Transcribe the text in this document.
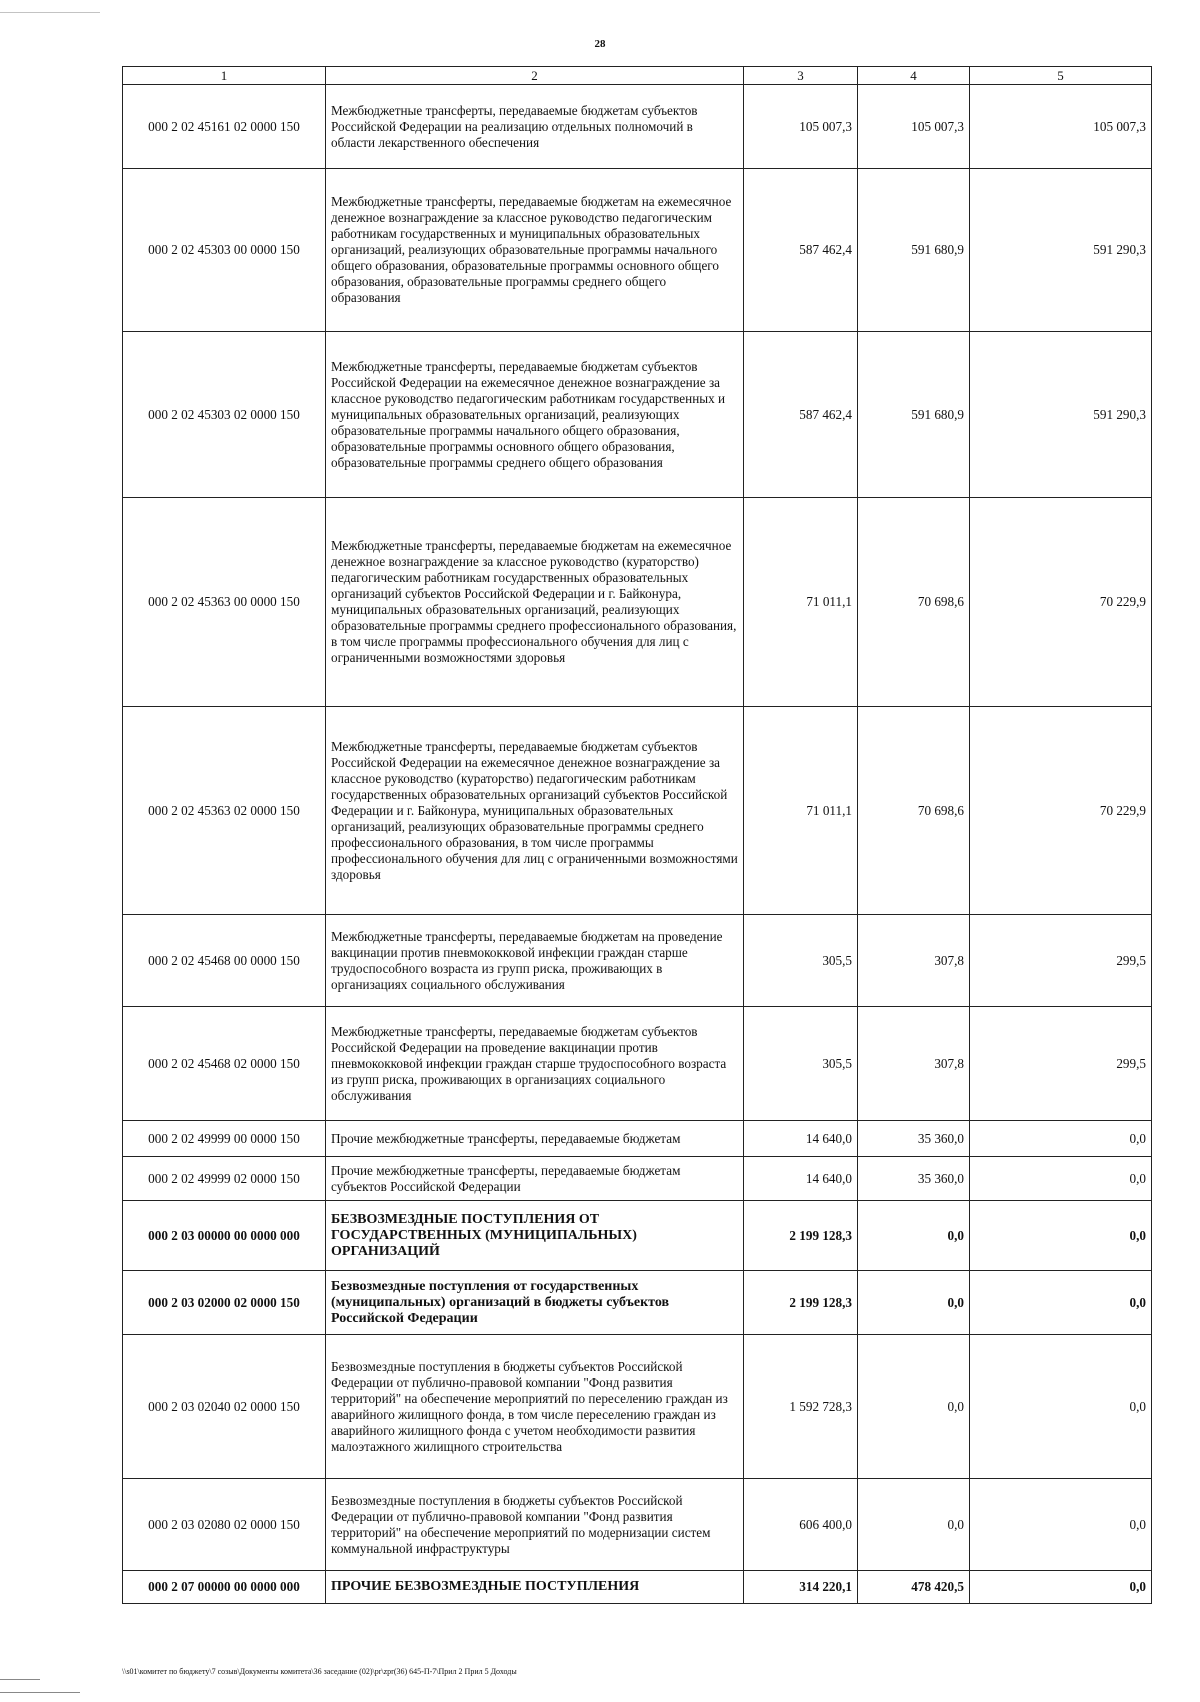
28
1	2	3	4	5
000 2 02 45161 02 0000 150	Межбюджетные трансферты, передаваемые бюджетам субъектов Российской Федерации на реализацию отдельных полномочий в области лекарственного обеспечения	105 007,3	105 007,3	105 007,3
000 2 02 45303 00 0000 150	Межбюджетные трансферты, передаваемые бюджетам на ежемесячное денежное вознаграждение за классное руководство педагогическим работникам государственных и муниципальных образовательных организаций, реализующих образовательные программы начального общего образования, образовательные программы основного общего образования, образовательные программы среднего общего образования	587 462,4	591 680,9	591 290,3
000 2 02 45303 02 0000 150	Межбюджетные трансферты, передаваемые бюджетам субъектов Российской Федерации на ежемесячное денежное вознаграждение за классное руководство педагогическим работникам государственных и муниципальных образовательных организаций, реализующих образовательные программы начального общего образования, образовательные программы основного общего образования, образовательные программы среднего общего образования	587 462,4	591 680,9	591 290,3
000 2 02 45363 00 0000 150	Межбюджетные трансферты, передаваемые бюджетам на ежемесячное денежное вознаграждение за классное руководство (кураторство) педагогическим работникам государственных образовательных организаций субъектов Российской Федерации и г. Байконура, муниципальных образовательных организаций, реализующих образовательные программы среднего профессионального образования, в том числе программы профессионального обучения для лиц с ограниченными возможностями здоровья	71 011,1	70 698,6	70 229,9
000 2 02 45363 02 0000 150	Межбюджетные трансферты, передаваемые бюджетам субъектов Российской Федерации на ежемесячное денежное вознаграждение за классное руководство (кураторство) педагогическим работникам государственных образовательных организаций субъектов Российской Федерации и г. Байконура, муниципальных образовательных организаций, реализующих образовательные программы среднего профессионального образования, в том числе программы профессионального обучения для лиц с ограниченными возможностями здоровья	71 011,1	70 698,6	70 229,9
000 2 02 45468 00 0000 150	Межбюджетные трансферты, передаваемые бюджетам на проведение вакцинации против пневмококковой инфекции граждан старше трудоспособного возраста из групп риска, проживающих в организациях социального обслуживания	305,5	307,8	299,5
000 2 02 45468 02 0000 150	Межбюджетные трансферты, передаваемые бюджетам субъектов Российской Федерации на проведение вакцинации против пневмококковой инфекции граждан старше трудоспособного возраста из групп риска, проживающих в организациях социального обслуживания	305,5	307,8	299,5
000 2 02 49999 00 0000 150	Прочие межбюджетные трансферты, передаваемые бюджетам	14 640,0	35 360,0	0,0
000 2 02 49999 02 0000 150	Прочие межбюджетные трансферты, передаваемые бюджетам субъектов Российской Федерации	14 640,0	35 360,0	0,0
000 2 03 00000 00 0000 000	БЕЗВОЗМЕЗДНЫЕ ПОСТУПЛЕНИЯ ОТ ГОСУДАРСТВЕННЫХ (МУНИЦИПАЛЬНЫХ) ОРГАНИЗАЦИЙ	2 199 128,3	0,0	0,0
000 2 03 02000 02 0000 150	Безвозмездные поступления от государственных (муниципальных) организаций в бюджеты субъектов Российской Федерации	2 199 128,3	0,0	0,0
000 2 03 02040 02 0000 150	Безвозмездные поступления в бюджеты субъектов Российской Федерации от публично-правовой компании "Фонд развития территорий" на обеспечение мероприятий по переселению граждан из аварийного жилищного фонда, в том числе переселению граждан из аварийного жилищного фонда с учетом необходимости развития малоэтажного жилищного строительства	1 592 728,3	0,0	0,0
000 2 03 02080 02 0000 150	Безвозмездные поступления в бюджеты субъектов Российской Федерации от публично-правовой компании "Фонд развития территорий" на обеспечение мероприятий по модернизации систем коммунальной инфраструктуры	606 400,0	0,0	0,0
000 2 07 00000 00 0000 000	ПРОЧИЕ БЕЗВОЗМЕЗДНЫЕ ПОСТУПЛЕНИЯ	314 220,1	478 420,5	0,0
\\s01\комитет по бюджету\7 созыв\Документы комитета\36 заседание (02)\pr\zpr(36) 645-П-7\Прил 2 Прил 5 Доходы
